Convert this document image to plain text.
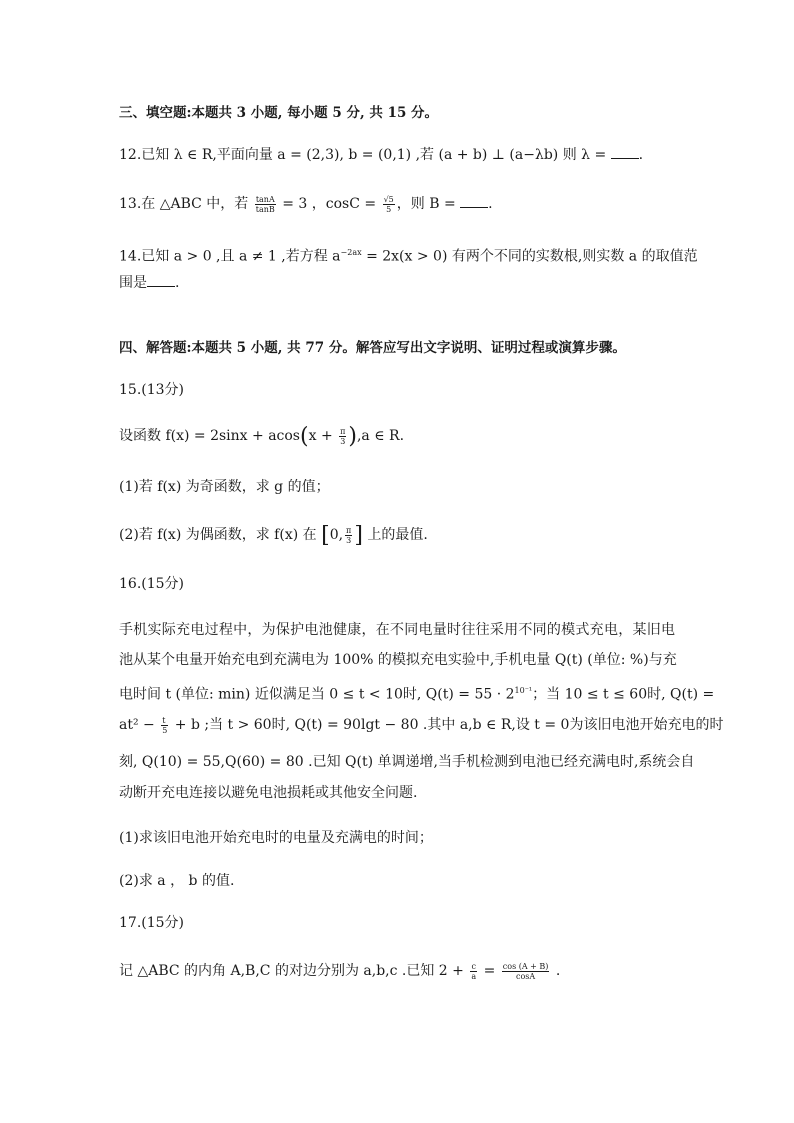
三、填空题:本题共 3 小题, 每小题 5 分, 共 15 分。
12.已知 λ ∈ R,平面向量 a = (2,3), b = (0,1) ,若 (a + b) ⊥ (a−λb) 则 λ = .
13.在 △ABC 中，若 $\frac{\tan A}{\tan B} = 3$ ，$\cos C = \frac{√5}{5}$ ，则 B = .
14.已知 a > 0 ,且 a ≠ 1 ,若方程 $a^{-2ax} = 2x(x > 0)$ 有两个不同的实数根,则实数 a 的取值范
围是 .
四、解答题:本题共 5 小题, 共 77 分。解答应写出文字说明、证明过程或演算步骤。
15.(13分)
设函数 $f(x) = 2\sin x + acos(x + \frac{\pi}{3} ),a$ ∈ R.
(1)若 f(x) 为奇函数，求 g 的值；
(2)若 f(x) 为偶函数，求 f(x) 在 [0, $\frac{\pi}{3}$ ] 上的最值.
16.(15分)
手机实际充电过程中，为保护电池健康，在不同电量时往往采用不同的模式充电，某旧电
池从某个电量开始充电到充满电为 100% 的模拟充电实验中,手机电量 Q(t) (单位: %)与充
电时间 t (单位: min) 近似满足当 0 ≤ t < 10时, $Q(t) = 55 \cdot 2^{10^{-1}}$；当 10 ≤ t ≤ 60时, Q(t) =
$at^2 - \frac{t}{5} + b$ ;当 t > 60时, Q(t) = 90lgt − 80 .其中 a,b ∈ R,设 t = 0为该旧电池开始充电的时
刻, Q(10) = 55,Q(60) = 80 .已知 Q(t) 单调递增,当手机检测到电池已经充满电时,系统会自
动断开充电连接以避免电池损耗或其他安全问题.
(1)求该旧电池开始充电时的电量及充满电的时间；
(2)求 a ， b 的值.
17.(15分)
记 △ABC 的内角 A,B,C 的对边分别为 a,b,c .已知 $2 + \frac{c}{a} = \frac{\cos (A + B)}{\cos A}$ .
